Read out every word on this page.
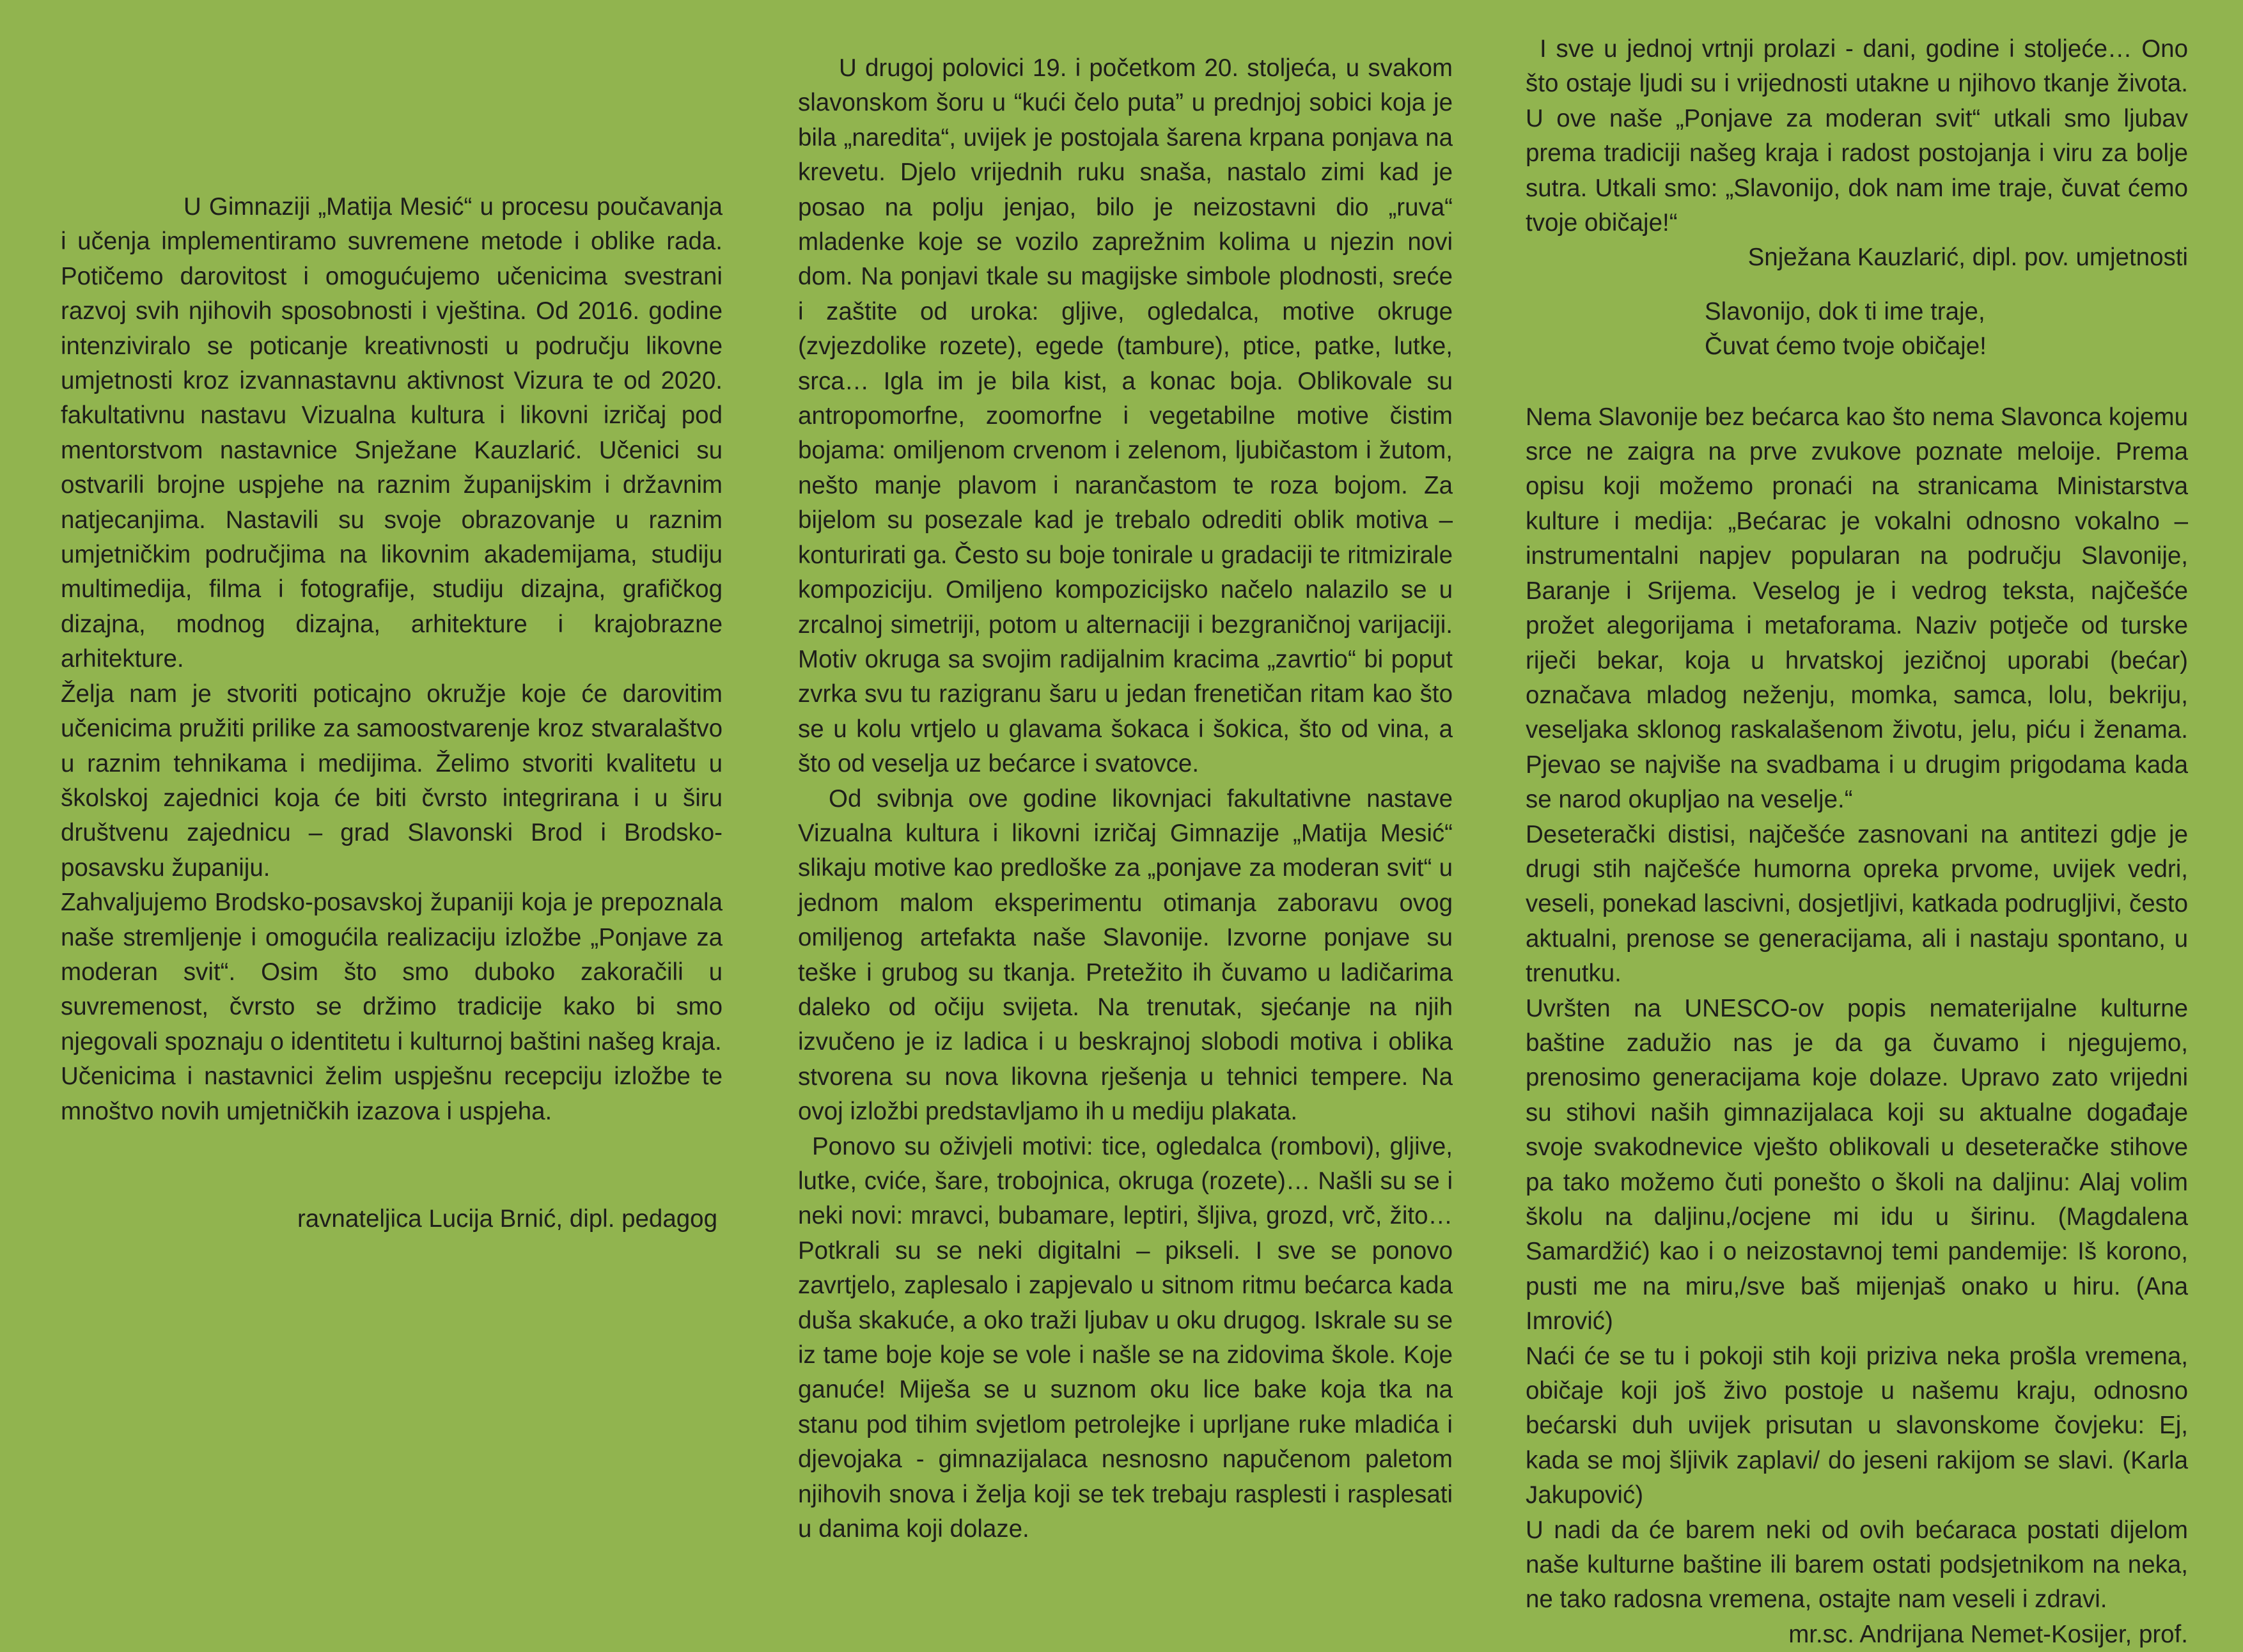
U Gimnaziji „Matija Mesić“ u procesu poučavanja i učenja implementiramo suvremene metode i oblike rada. Potičemo darovitost i omogućujemo učenicima svestrani razvoj svih njihovih sposobnosti i vještina. Od 2016. godine intenziviralo se poticanje kreativnosti u području likovne umjetnosti kroz izvannastavnu aktivnost Vizura te od 2020. fakultativnu nastavu Vizualna kultura i likovni izričaj pod mentorstvom nastavnice Snježane Kauzlarić. Učenici su ostvarili brojne uspjehe na raznim županijskim i državnim natjecanjima. Nastavili su svoje obrazovanje u raznim umjetničkim područjima na likovnim akademijama, studiju multimedija, filma i fotografije, studiju dizajna, grafičkog dizajna, modnog dizajna, arhitekture i krajobrazne arhitekture.

Želja nam je stvoriti poticajno okružje koje će darovitim učenicima pružiti prilike za samoostvarenje kroz stvaralaštvo u raznim tehnikama i medijima. Želimo stvoriti kvalitetu u školskoj zajednici koja će biti čvrsto integrirana i u širu društvenu zajednicu – grad Slavonski Brod i Brodsko-posavsku županiju.

Zahvaljujemo Brodsko-posavskoj županiji koja je prepoznala naše stremljenje i omogućila realizaciju izložbe „Ponjave za moderan svit“. Osim što smo duboko zakoračili u suvremenost, čvrsto se držimo tradicije kako bi smo njegovali spoznaju o identitetu i kulturnoj baštini našeg kraja.

Učenicima i nastavnici želim uspješnu recepciju izložbe te mnoštvo novih umjetničkih izazova i uspjeha.

ravnateljica Lucija Brnić, dipl. pedagog

U drugoj polovici 19. i početkom 20. stoljeća, u svakom slavonskom šoru u “kući čelo puta” u prednjoj sobici koja je bila „naredita“, uvijek je postojala šarena krpana ponjava na krevetu. Djelo vrijednih ruku snaša, nastalo zimi kad je posao na polju jenjao, bilo je neizostavni dio „ruva“ mladenke koje se vozilo zaprežnim kolima u njezin novi dom. Na ponjavi tkale su magijske simbole plodnosti, sreće i zaštite od uroka: gljive, ogledalca, motive okruge (zvjezdolike rozete), egede (tambure), ptice, patke, lutke, srca… Igla im je bila kist, a konac boja. Oblikovale su antropomorfne, zoomorfne i vegetabilne motive čistim bojama: omiljenom crvenom i zelenom, ljubičastom i žutom, nešto manje plavom i narančastom te roza bojom. Za bijelom su posezale kad je trebalo odrediti oblik motiva – konturirati ga. Često su boje tonirale u gradaciji te ritmizirale kompoziciju. Omiljeno kompozicijsko načelo nalazilo se u zrcalnoj simetriji, potom u alternaciji i bezgraničnoj varijaciji. Motiv okruga sa svojim radijalnim kracima „zavrtio“ bi poput zvrka svu tu razigranu šaru u jedan frenetičan ritam kao što se u kolu vrtjelo u glavama šokaca i šokica, što od vina, a što od veselja uz bećarce i svatovce.

Od svibnja ove godine likovnjaci fakultativne nastave Vizualna kultura i likovni izričaj Gimnazije „Matija Mesić“ slikaju motive kao predloške za „ponjave za moderan svit“ u jednom malom eksperimentu otimanja zaboravu ovog omiljenog artefakta naše Slavonije. Izvorne ponjave su teške i grubog su tkanja. Pretežito ih čuvamo u ladičarima daleko od očiju svijeta. Na trenutak, sjećanje na njih izvučeno je iz ladica i u beskrajnoj slobodi motiva i oblika stvorena su nova likovna rješenja u tehnici tempere. Na ovoj izložbi predstavljamo ih u mediju plakata.

Ponovo su oživjeli motivi: tice, ogledalca (rombovi), gljive, lutke, cviće, šare, trobojnica, okruga (rozete)… Našli su se i neki novi: mravci, bubamare, leptiri, šljiva, grozd, vrč, žito… Potkrali su se neki digitalni – pikseli. I sve se ponovo zavrtjelo, zaplesalo i zapjevalo u sitnom ritmu bećarca kada duša skakuće, a oko traži ljubav u oku drugog. Iskrale su se iz tame boje koje se vole i našle se na zidovima škole. Koje ganuće! Miješa se u suznom oku lice bake koja tka na stanu pod tihim svjetlom petrolejke i uprljane ruke mladića i djevojaka - gimnazijalaca nesnosno napučenom paletom njihovih snova i želja koji se tek trebaju rasplesti i rasplesati u danima koji dolaze.

I sve u jednoj vrtnji prolazi - dani, godine i stoljeće… Ono što ostaje ljudi su i vrijednosti utakne u njihovo tkanje života. U ove naše „Ponjave za moderan svit“ utkali smo ljubav prema tradiciji našeg kraja i radost postojanja i viru za bolje sutra. Utkali smo: „Slavonijo, dok nam ime traje, čuvat ćemo tvoje običaje!“

Snježana Kauzlarić, dipl. pov. umjetnosti

Slavonijo, dok ti ime traje,
Čuvat ćemo tvoje običaje!

Nema Slavonije bez bećarca kao što nema Slavonca kojemu srce ne zaigra na prve zvukove poznate meloije. Prema opisu koji možemo pronaći na stranicama Ministarstva kulture i medija: „Bećarac je vokalni odnosno vokalno – instrumentalni napjev popularan na području Slavonije, Baranje i Srijema. Veselog je i vedrog teksta, najčešće prožet alegorijama i metaforama. Naziv potječe od turske riječi bekar, koja u hrvatskoj jezičnoj uporabi (bećar) označava mladog neženju, momka, samca, lolu, bekriju, veseljaka sklonog raskalašenom životu, jelu, piću i ženama. Pjevao se najviše na svadbama i u drugim prigodama kada se narod okupljao na veselje.“

Deseterački distisi, najčešće zasnovani na antitezi gdje je drugi stih najčešće humorna opreka prvome, uvijek vedri, veseli, ponekad lascivni, dosjetljivi, katkada podrugljivi, često aktualni, prenose se generacijama, ali i nastaju spontano, u trenutku.

Uvršten na UNESCO-ov popis nematerijalne kulturne baštine zadužio nas je da ga čuvamo i njegujemo, prenosimo generacijama koje dolaze. Upravo zato vrijedni su stihovi naših gimnazijalaca koji su aktualne događaje svoje svakodnevice vješto oblikovali u deseteračke stihove pa tako možemo čuti ponešto o školi na daljinu: Alaj volim školu na daljinu,/ocjene mi idu u širinu. (Magdalena Samardžić) kao i o neizostavnoj temi pandemije: Iš korono, pusti me na miru,/sve baš mijenjaš onako u hiru. (Ana Imrović)

Naći će se tu i pokoji stih koji priziva neka prošla vremena, običaje koji još živo postoje u našemu kraju, odnosno bećarski duh uvijek prisutan u slavonskome čovjeku: Ej, kada se moj šljivik zaplavi/ do jeseni rakijom se slavi. (Karla Jakupović)

U nadi da će barem neki od ovih bećaraca postati dijelom naše kulturne baštine ili barem ostati podsjetnikom na neka, ne tako radosna vremena, ostajte nam veseli i zdravi.

mr.sc. Andrijana Nemet-Kosijer, prof.
